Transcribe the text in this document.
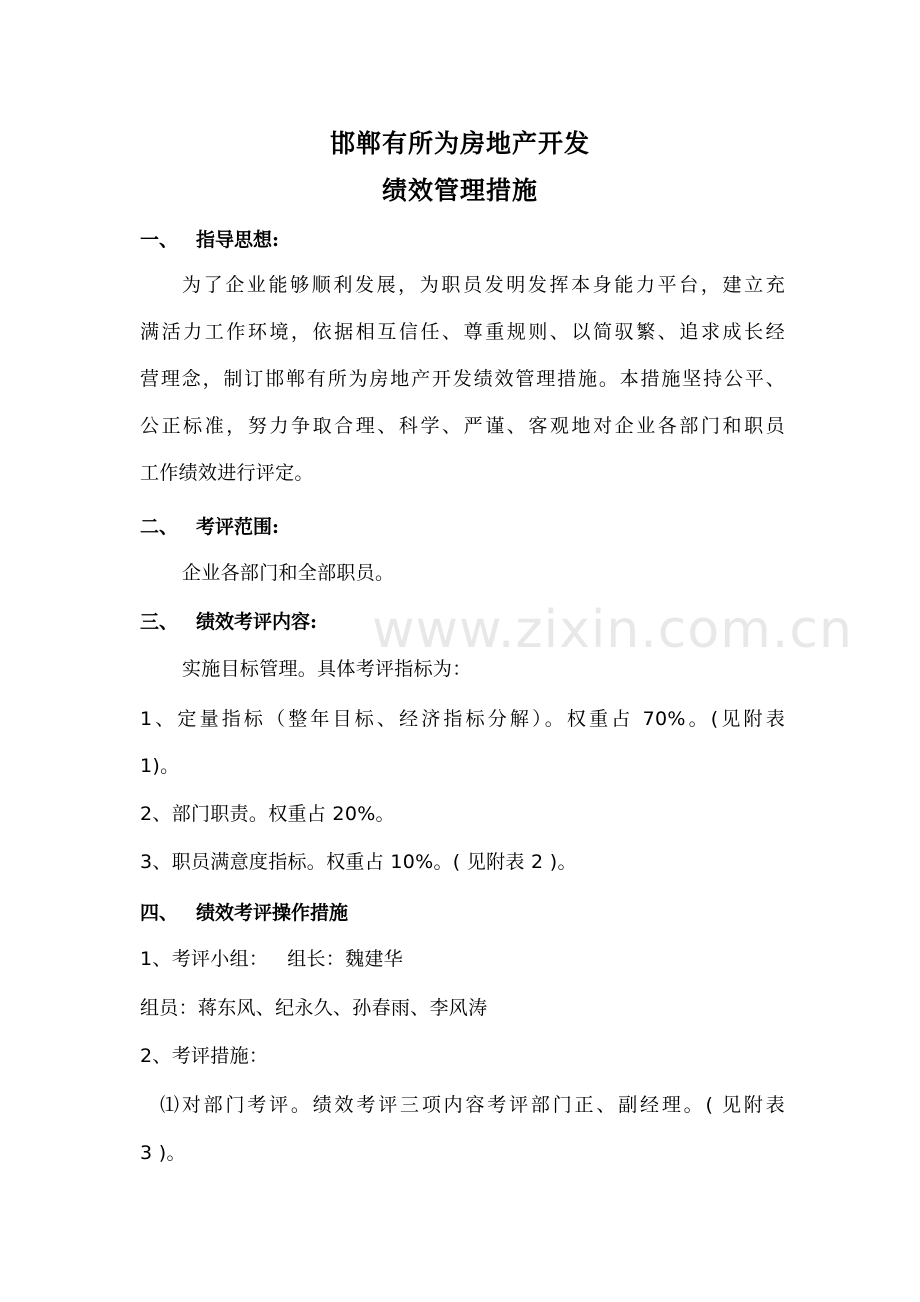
邯郸有所为房地产开发
绩效管理措施
一、 指导思想:
为了企业能够顺利发展，为职员发明发挥本身能力平台，建立充
满活力工作环境，依据相互信任、尊重规则、以简驭繁、追求成长经
营理念，制订邯郸有所为房地产开发绩效管理措施。本措施坚持公平、
公正标准，努力争取合理、科学、严谨、客观地对企业各部门和职员
工作绩效进行评定。
二、 考评范围:
企业各部门和全部职员。
三、 绩效考评内容: www.zixin.com.cn
实施目标管理。具体考评指标为：
1、定量指标（整年目标、经济指标分解）。权重占 70%。(见附表
1)。
2、部门职责。权重占 20%。
3、职员满意度指标。权重占 10%。( 见附表 2 )。
四、 绩效考评操作措施
1、考评小组：   组长：魏建华
组员：蒋东风、纪永久、孙春雨、李风涛
2、考评措施：
⑴对部门考评。绩效考评三项内容考评部门正、副经理。( 见附表
3 )。
